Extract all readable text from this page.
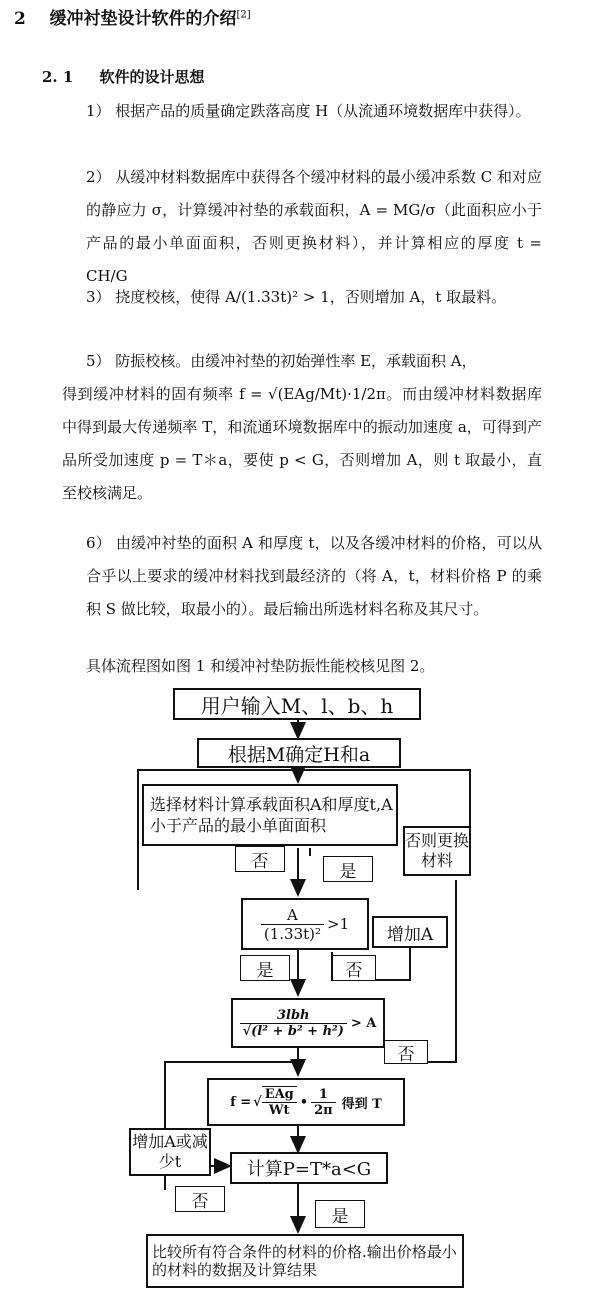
2 缓冲衬垫设计软件的介绍[2]
2. 1 软件的设计思想
1） 根据产品的质量确定跌落高度 H（从流通环境数据库中获得）。
2） 从缓冲材料数据库中获得各个缓冲材料的最小缓冲系数 C 和对应的静应力 σ，计算缓冲衬垫的承载面积，A = MG/σ（此面积应小于产品的最小单面面积，否则更换材料），并计算相应的厚度 t = CH/G
3） 挠度校核，使得 A/(1.33t)² > 1，否则增加 A，t 取最料。
5） 防振校核。由缓冲衬垫的初始弹性率 E，承载面积 A，
得到缓冲材料的固有频率 f = √(EAg/Mt)·1/2π。而由缓冲材料数据库中得到最大传递频率 T，和流通环境数据库中的振动加速度 a，可得到产品所受加速度 p = T＊a，要使 p < G，否则增加 A，则 t 取最小，直至校核满足。
6） 由缓冲衬垫的面积 A 和厚度 t，以及各缓冲材料的价格，可以从合乎以上要求的缓冲材料找到最经济的（将 A，t，材料价格 P 的乘积 S 做比较，取最小的）。最后输出所选材料名称及其尺寸。
具体流程图如图 1 和缓冲衬垫防振性能校核见图 2。
用户输入M、l、b、h
根据M确定H和a
选择材料计算承载面积A和厚度t,A小于产品的最小单面面积
否则更换材料
$\frac{A}{\text{(1.33t)²}} >1$
增加A
$\frac{\text{3lbh}}{\text{√(l² + b² + h²)}} > A$
f = √ $\frac{\text{EAg}}{Wt}$ • $\frac{1}{2\pi}$ 得到 T
增加A或减少t	计算P=T*a<G
比较所有符合条件的材料的价格.输出价格最小的材料的数据及计算结果
否	是
是	否
否
否
是
